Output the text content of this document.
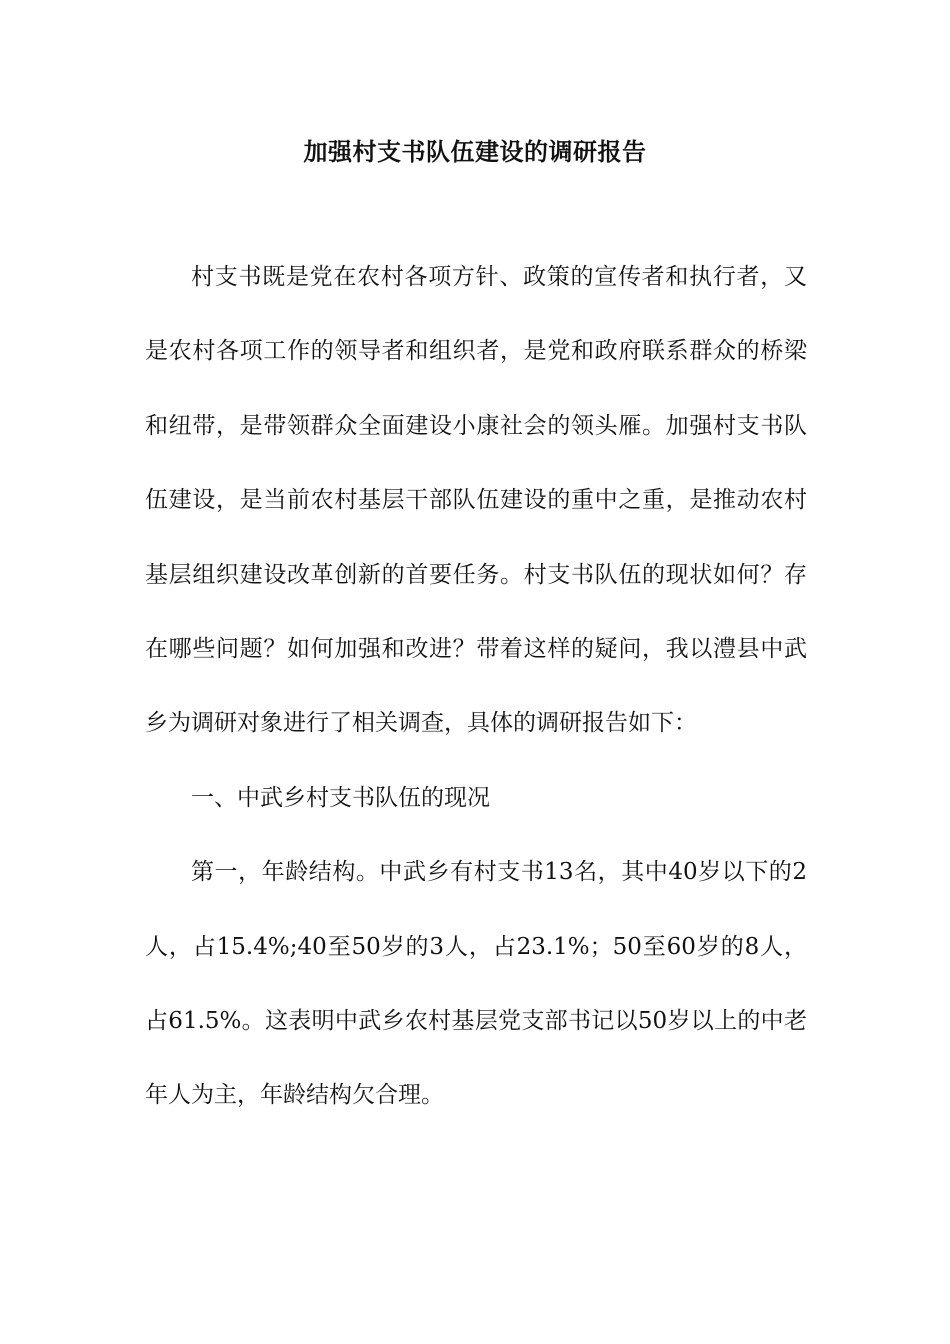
加强村支书队伍建设的调研报告

村支书既是党在农村各项方针、政策的宣传者和执行者，又是农村各项工作的领导者和组织者，是党和政府联系群众的桥梁和纽带，是带领群众全面建设小康社会的领头雁。加强村支书队伍建设，是当前农村基层干部队伍建设的重中之重，是推动农村基层组织建设改革创新的首要任务。村支书队伍的现状如何？存在哪些问题？如何加强和改进？带着这样的疑问，我以澧县中武乡为调研对象进行了相关调查，具体的调研报告如下：

一、中武乡村支书队伍的现况

第一，年龄结构。中武乡有村支书13名，其中40岁以下的2人，占15.4%;40至50岁的3人，占23.1%；50至60岁的8人，占61.5%。这表明中武乡农村基层党支部书记以50岁以上的中老年人为主，年龄结构欠合理。
